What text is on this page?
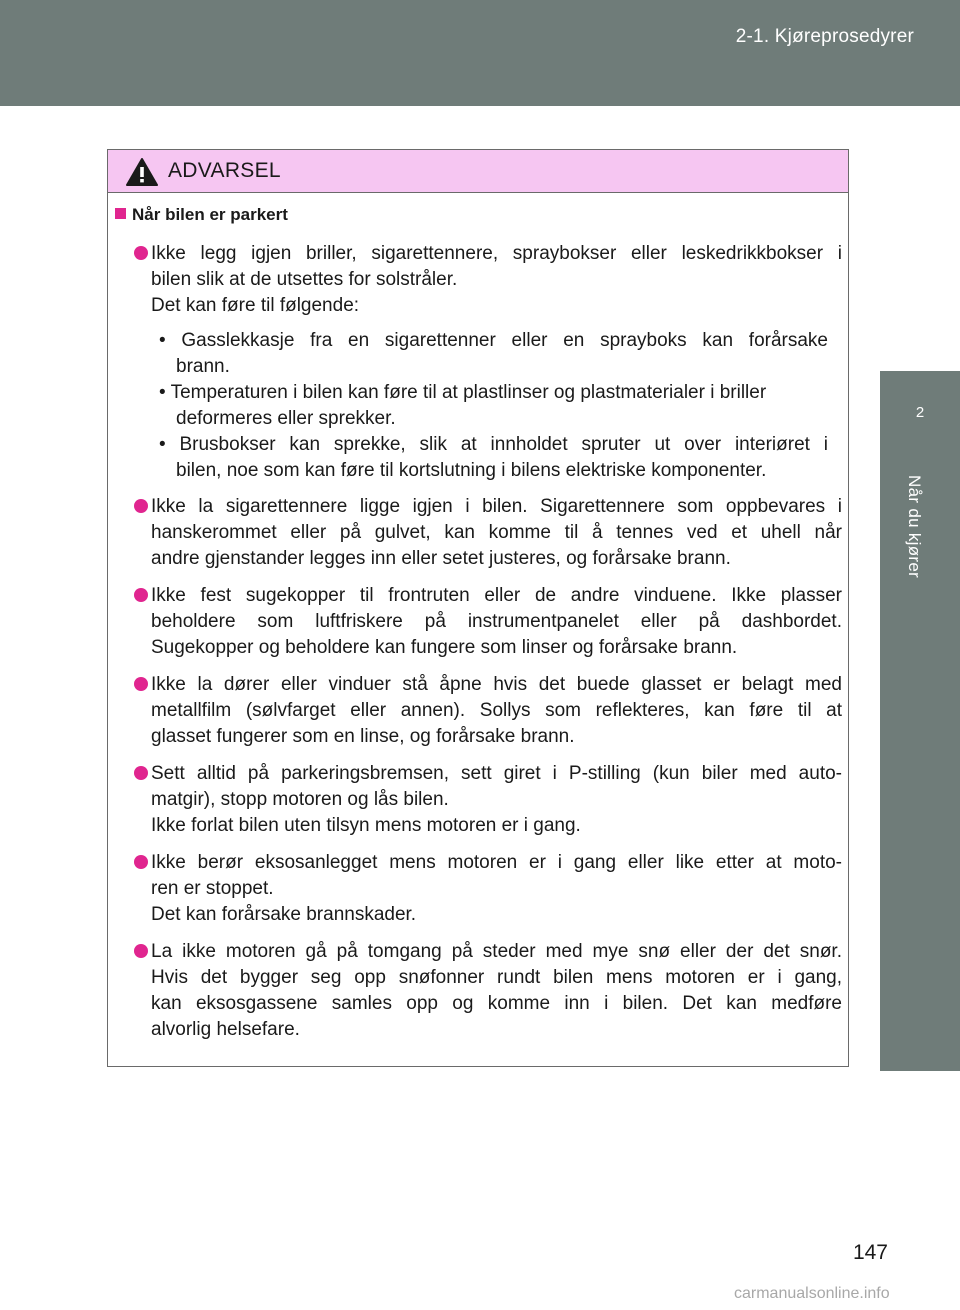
2-1. Kjøreprosedyrer
2
Når du kjører
ADVARSEL
Når bilen er parkert
Ikke legg igjen briller, sigarettennere, spraybokser eller leskedrikkbokser i
bilen slik at de utsettes for solstråler.
Det kan føre til følgende:
• Gasslekkasje fra en sigarettenner eller en sprayboks kan forårsake
brann.
• Temperaturen i bilen kan føre til at plastlinser og plastmaterialer i briller
deformeres eller sprekker.
• Brusbokser kan sprekke, slik at innholdet spruter ut over interiøret i
bilen, noe som kan føre til kortslutning i bilens elektriske komponenter.
Ikke la sigarettennere ligge igjen i bilen. Sigarettennere som oppbevares i
hanskerommet eller på gulvet, kan komme til å tennes ved et uhell når
andre gjenstander legges inn eller setet justeres, og forårsake brann.
Ikke fest sugekopper til frontruten eller de andre vinduene. Ikke plasser
beholdere som luftfriskere på instrumentpanelet eller på dashbordet.
Sugekopper og beholdere kan fungere som linser og forårsake brann.
Ikke la dører eller vinduer stå åpne hvis det buede glasset er belagt med
metallfilm (sølvfarget eller annen). Sollys som reflekteres, kan føre til at
glasset fungerer som en linse, og forårsake brann.
Sett alltid på parkeringsbremsen, sett giret i P-stilling (kun biler med auto-
matgir), stopp motoren og lås bilen.
Ikke forlat bilen uten tilsyn mens motoren er i gang.
Ikke berør eksosanlegget mens motoren er i gang eller like etter at moto-
ren er stoppet.
Det kan forårsake brannskader.
La ikke motoren gå på tomgang på steder med mye snø eller der det snør.
Hvis det bygger seg opp snøfonner rundt bilen mens motoren er i gang,
kan eksosgassene samles opp og komme inn i bilen. Det kan medføre
alvorlig helsefare.
147
carmanualsonline.info
